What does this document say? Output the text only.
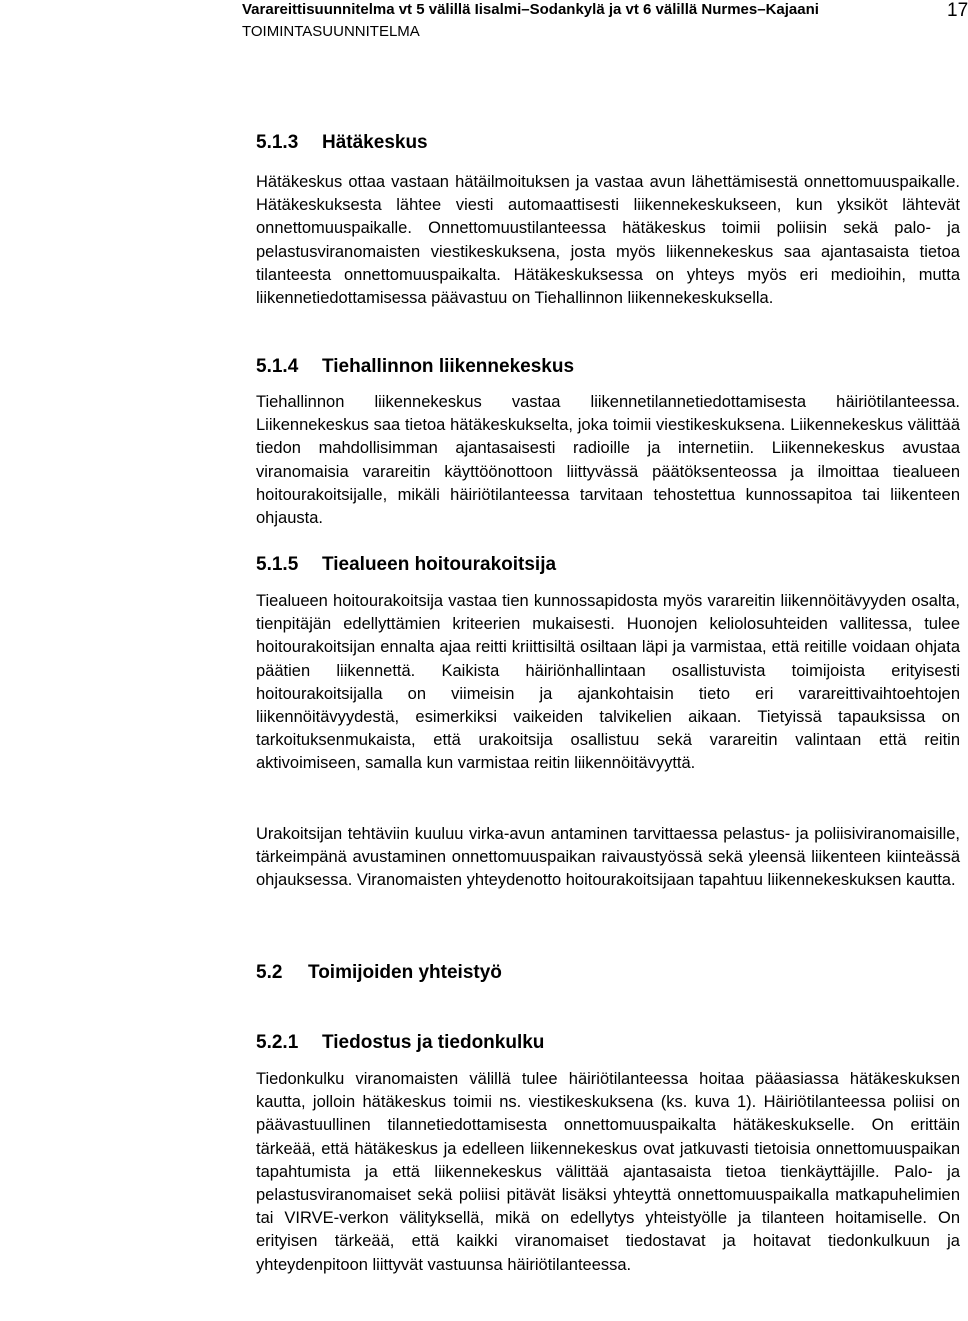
Varareittisuunnitelma vt 5 välillä Iisalmi–Sodankylä ja vt 6 välillä Nurmes–Kajaani
TOIMINTASUUNNITELMA
17
5.1.3 Hätäkeskus

Hätäkeskus ottaa vastaan hätäilmoituksen ja vastaa avun lähettämisestä onnettomuuspaikalle. Hätäkeskuksesta lähtee viesti automaattisesti liikennekeskukseen, kun yksiköt lähtevät onnettomuuspaikalle. Onnettomuustilanteessa hätäkeskus toimii poliisin sekä palo- ja pelastusviranomaisten viestikeskuksena, josta myös liikennekeskus saa ajantasaista tietoa tilanteesta onnettomuuspaikalta. Hätäkeskuksessa on yhteys myös eri medioihin, mutta liikennetiedottamisessa päävastuu on Tiehallinnon liikennekeskuksella.

5.1.4 Tiehallinnon liikennekeskus

Tiehallinnon liikennekeskus vastaa liikennetilannetiedottamisesta häiriötilanteessa. Liikennekeskus saa tietoa hätäkeskukselta, joka toimii viestikeskuksena. Liikennekeskus välittää tiedon mahdollisimman ajantasaisesti radioille ja internetiin. Liikennekeskus avustaa viranomaisia varareitin käyttöönottoon liittyvässä päätöksenteossa ja ilmoittaa tiealueen hoitourakoitsijalle, mikäli häiriötilanteessa tarvitaan tehostettua kunnossapitoa tai liikenteen ohjausta.

5.1.5 Tiealueen hoitourakoitsija

Tiealueen hoitourakoitsija vastaa tien kunnossapidosta myös varareitin liikennöitävyyden osalta, tienpitäjän edellyttämien kriteerien mukaisesti. Huonojen keliolosuhteiden vallitessa, tulee hoitourakoitsijan ennalta ajaa reitti kriittisiltä osiltaan läpi ja varmistaa, että reitille voidaan ohjata päätien liikennettä. Kaikista häiriönhallintaan osallistuvista toimijoista erityisesti hoitourakoitsijalla on viimeisin ja ajankohtaisin tieto eri varareittivaihtoehtojen liikennöitävyydestä, esimerkiksi vaikeiden talvikelien aikaan. Tietyissä tapauksissa on tarkoituksenmukaista, että urakoitsija osallistuu sekä varareitin valintaan että reitin aktivoimiseen, samalla kun varmistaa reitin liikennöitävyyttä.

Urakoitsijan tehtäviin kuuluu virka-avun antaminen tarvittaessa pelastus- ja poliisiviranomaisille, tärkeimpänä avustaminen onnettomuuspaikan raivaustyössä sekä yleensä liikenteen kiinteässä ohjauksessa. Viranomaisten yhteydenotto hoitourakoitsijaan tapahtuu liikennekeskuksen kautta.

5.2 Toimijoiden yhteistyö
5.2.1 Tiedostus ja tiedonkulku

Tiedonkulku viranomaisten välillä tulee häiriötilanteessa hoitaa pääasiassa hätäkeskuksen kautta, jolloin hätäkeskus toimii ns. viestikeskuksena (ks. kuva 1). Häiriötilanteessa poliisi on päävastuullinen tilannetiedottamisesta onnettomuuspaikalta hätäkeskukselle. On erittäin tärkeää, että hätäkeskus ja edelleen liikennekeskus ovat jatkuvasti tietoisia onnettomuuspaikan tapahtumista ja että liikennekeskus välittää ajantasaista tietoa tienkäyttäjille. Palo- ja pelastusviranomaiset sekä poliisi pitävät lisäksi yhteyttä onnettomuuspaikalla matkapuhelimien tai VIRVE-verkon välityksellä, mikä on edellytys yhteistyölle ja tilanteen hoitamiselle. On erityisen tärkeää, että kaikki viranomaiset tiedostavat ja hoitavat tiedonkulkuun ja yhteydenpitoon liittyvät vastuunsa häiriötilanteessa.
